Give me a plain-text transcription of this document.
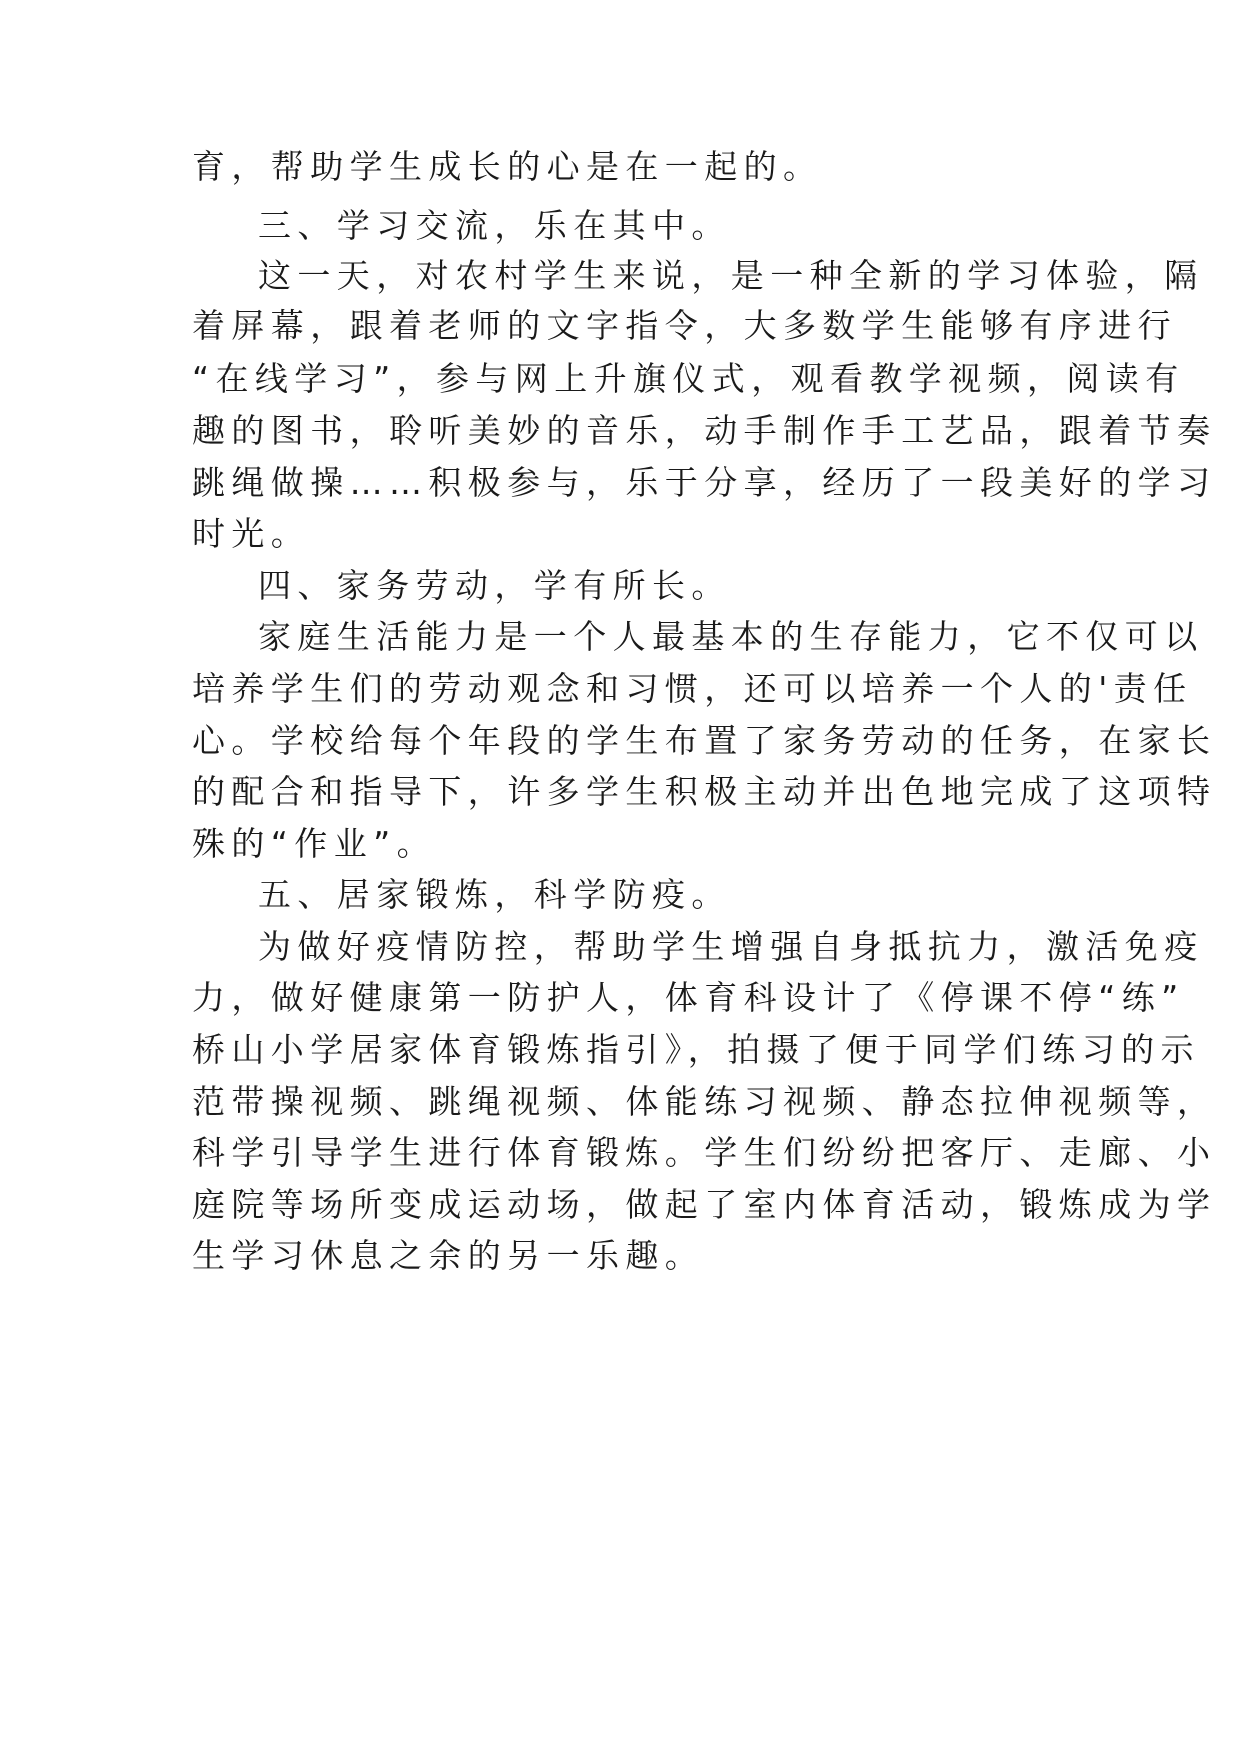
育，帮助学生成长的心是在一起的。
三、学习交流，乐在其中。
这一天，对农村学生来说，是一种全新的学习体验，隔
着屏幕，跟着老师的文字指令，大多数学生能够有序进行
“在线学习”，参与网上升旗仪式，观看教学视频，阅读有
趣的图书，聆听美妙的音乐，动手制作手工艺品，跟着节奏
跳绳做操……积极参与，乐于分享，经历了一段美好的学习
时光。
四、家务劳动，学有所长。
家庭生活能力是一个人最基本的生存能力，它不仅可以
培养学生们的劳动观念和习惯，还可以培养一个人的'责任
心。学校给每个年段的学生布置了家务劳动的任务，在家长
的配合和指导下，许多学生积极主动并出色地完成了这项特
殊的“作业”。
五、居家锻炼，科学防疫。
为做好疫情防控，帮助学生增强自身抵抗力，激活免疫
力，做好健康第一防护人，体育科设计了《停课不停“练”
桥山小学居家体育锻炼指引》，拍摄了便于同学们练习的示
范带操视频、跳绳视频、体能练习视频、静态拉伸视频等，
科学引导学生进行体育锻炼。学生们纷纷把客厅、走廊、小
庭院等场所变成运动场，做起了室内体育活动，锻炼成为学
生学习休息之余的另一乐趣。
